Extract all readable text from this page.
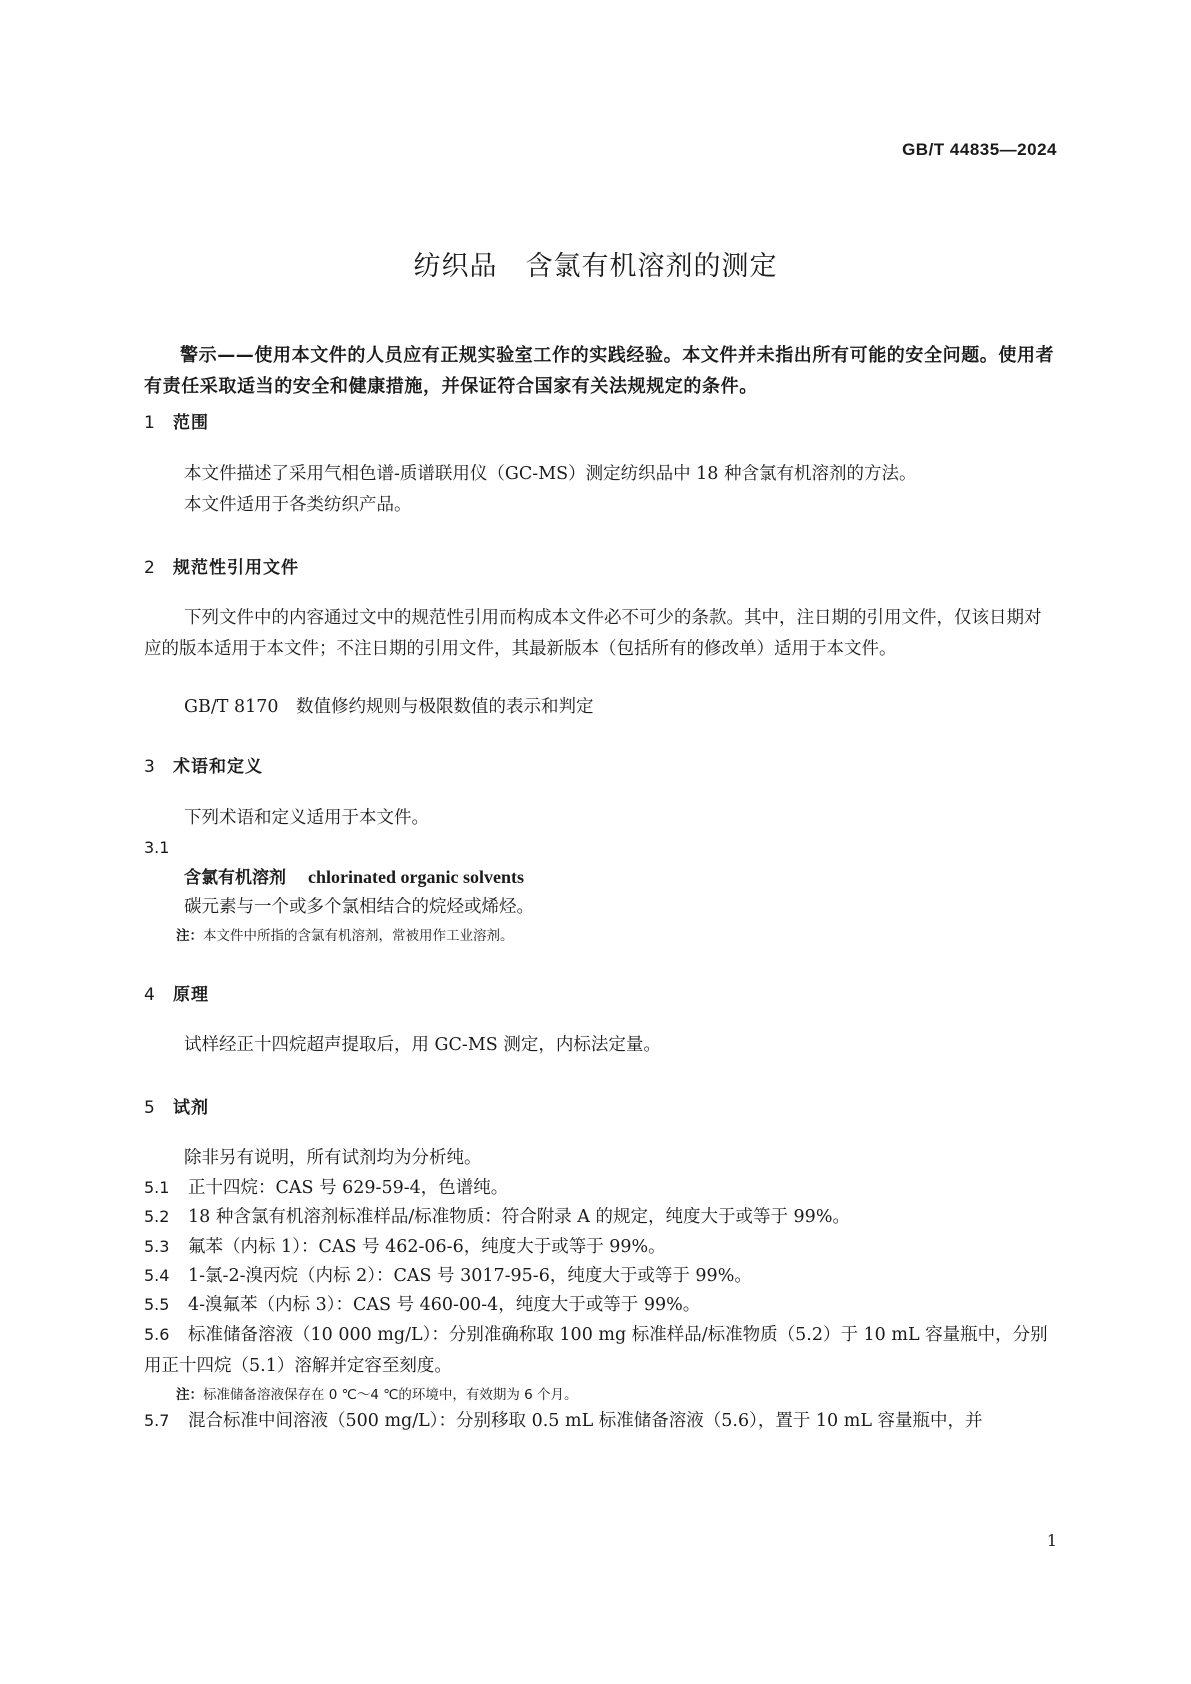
GB/T 44835—2024
纺织品　含氯有机溶剂的测定

警示——使用本文件的人员应有正规实验室工作的实践经验。本文件并未指出所有可能的安全问题。使用者有责任采取适当的安全和健康措施，并保证符合国家有关法规规定的条件。

1 范围

本文件描述了采用气相色谱-质谱联用仪（GC-MS）测定纺织品中 18 种含氯有机溶剂的方法。

本文件适用于各类纺织产品。

2 规范性引用文件

下列文件中的内容通过文中的规范性引用而构成本文件必不可少的条款。其中，注日期的引用文件，仅该日期对应的版本适用于本文件；不注日期的引用文件，其最新版本（包括所有的修改单）适用于本文件。

GB/T 8170　数值修约规则与极限数值的表示和判定

3 术语和定义

下列术语和定义适用于本文件。

3.1

含氯有机溶剂 chlorinated organic solvents

碳元素与一个或多个氯相结合的烷烃或烯烃。

注：本文件中所指的含氯有机溶剂，常被用作工业溶剂。

4 原理

试样经正十四烷超声提取后，用 GC-MS 测定，内标法定量。

5 试剂

除非另有说明，所有试剂均为分析纯。

5.1 正十四烷：CAS 号 629-59-4，色谱纯。

5.2 18 种含氯有机溶剂标准样品/标准物质：符合附录 A 的规定，纯度大于或等于 99%。

5.3 氟苯（内标 1）：CAS 号 462-06-6，纯度大于或等于 99%。

5.4 1-氯-2-溴丙烷（内标 2）：CAS 号 3017-95-6，纯度大于或等于 99%。

5.5 4-溴氟苯（内标 3）：CAS 号 460-00-4，纯度大于或等于 99%。

5.6 标准储备溶液（10 000 mg/L）：分别准确称取 100 mg 标准样品/标准物质（5.2）于 10 mL 容量瓶中，分别用正十四烷（5.1）溶解并定容至刻度。

注：标准储备溶液保存在 0 ℃～4 ℃的环境中，有效期为 6 个月。

5.7 混合标准中间溶液（500 mg/L）：分别移取 0.5 mL 标准储备溶液（5.6），置于 10 mL 容量瓶中，并

1
